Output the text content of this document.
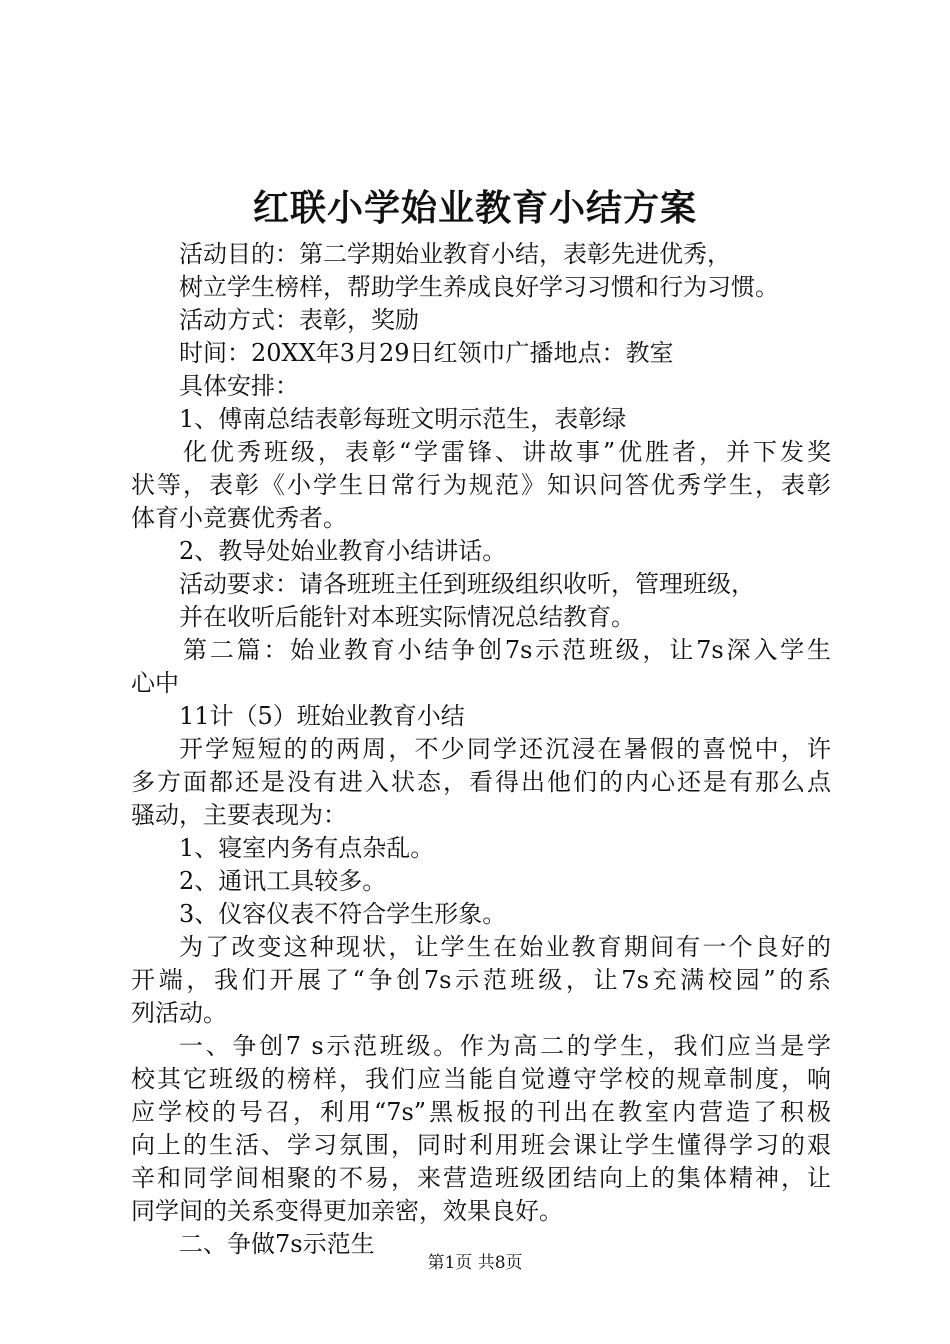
红联小学始业教育小结方案
活动目的：第二学期始业教育小结，表彰先进优秀，
树立学生榜样，帮助学生养成良好学习习惯和行为习惯。
活动方式：表彰，奖励
时间：20XX年3月29日红领巾广播地点：教室
具体安排：
1、傅南总结表彰每班文明示范生，表彰绿
化优秀班级，表彰“学雷锋、讲故事”优胜者，并下发奖
状等，表彰《小学生日常行为规范》知识问答优秀学生，表彰
体育小竞赛优秀者。
2、教导处始业教育小结讲话。
活动要求：请各班班主任到班级组织收听，管理班级，
并在收听后能针对本班实际情况总结教育。
第二篇：始业教育小结争创7s示范班级，让7s深入学生
心中
11计（5）班始业教育小结
开学短短的的两周，不少同学还沉浸在暑假的喜悦中，许
多方面都还是没有进入状态，看得出他们的内心还是有那么点
骚动，主要表现为：
1、寝室内务有点杂乱。
2、通讯工具较多。
3、仪容仪表不符合学生形象。
为了改变这种现状，让学生在始业教育期间有一个良好的
开端，我们开展了“争创7s示范班级，让7s充满校园”的系
列活动。
一、争创7 s示范班级。作为高二的学生，我们应当是学
校其它班级的榜样，我们应当能自觉遵守学校的规章制度，响
应学校的号召，利用“7s”黑板报的刊出在教室内营造了积极
向上的生活、学习氛围，同时利用班会课让学生懂得学习的艰
辛和同学间相聚的不易，来营造班级团结向上的集体精神，让
同学间的关系变得更加亲密，效果良好。
二、争做7s示范生
第1页 共8页
